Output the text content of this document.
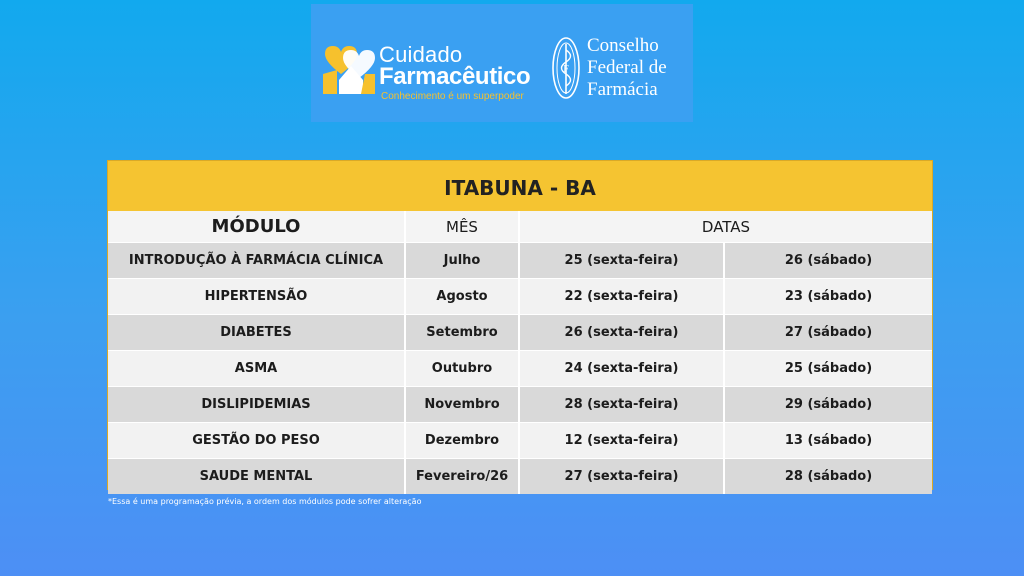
Cuidado
Farmacêutico
Conhecimento é um superpoder
F
Conselho
Federal de
Farmácia
ITABUNA - BA
MÓDULO	MÊS	DATAS	
INTRODUÇÃO À FARMÁCIA CLÍNICA	Julho	25 (sexta-feira)	26 (sábado)
HIPERTENSÃO	Agosto	22 (sexta-feira)	23 (sábado)
DIABETES	Setembro	26 (sexta-feira)	27 (sábado)
ASMA	Outubro	24 (sexta-feira)	25 (sábado)
DISLIPIDEMIAS	Novembro	28 (sexta-feira)	29 (sábado)
GESTÃO DO PESO	Dezembro	12 (sexta-feira)	13 (sábado)
SAUDE MENTAL	Fevereiro/26	27 (sexta-feira)	28 (sábado)
*Essa é uma programação prévia, a ordem dos módulos pode sofrer alteração
